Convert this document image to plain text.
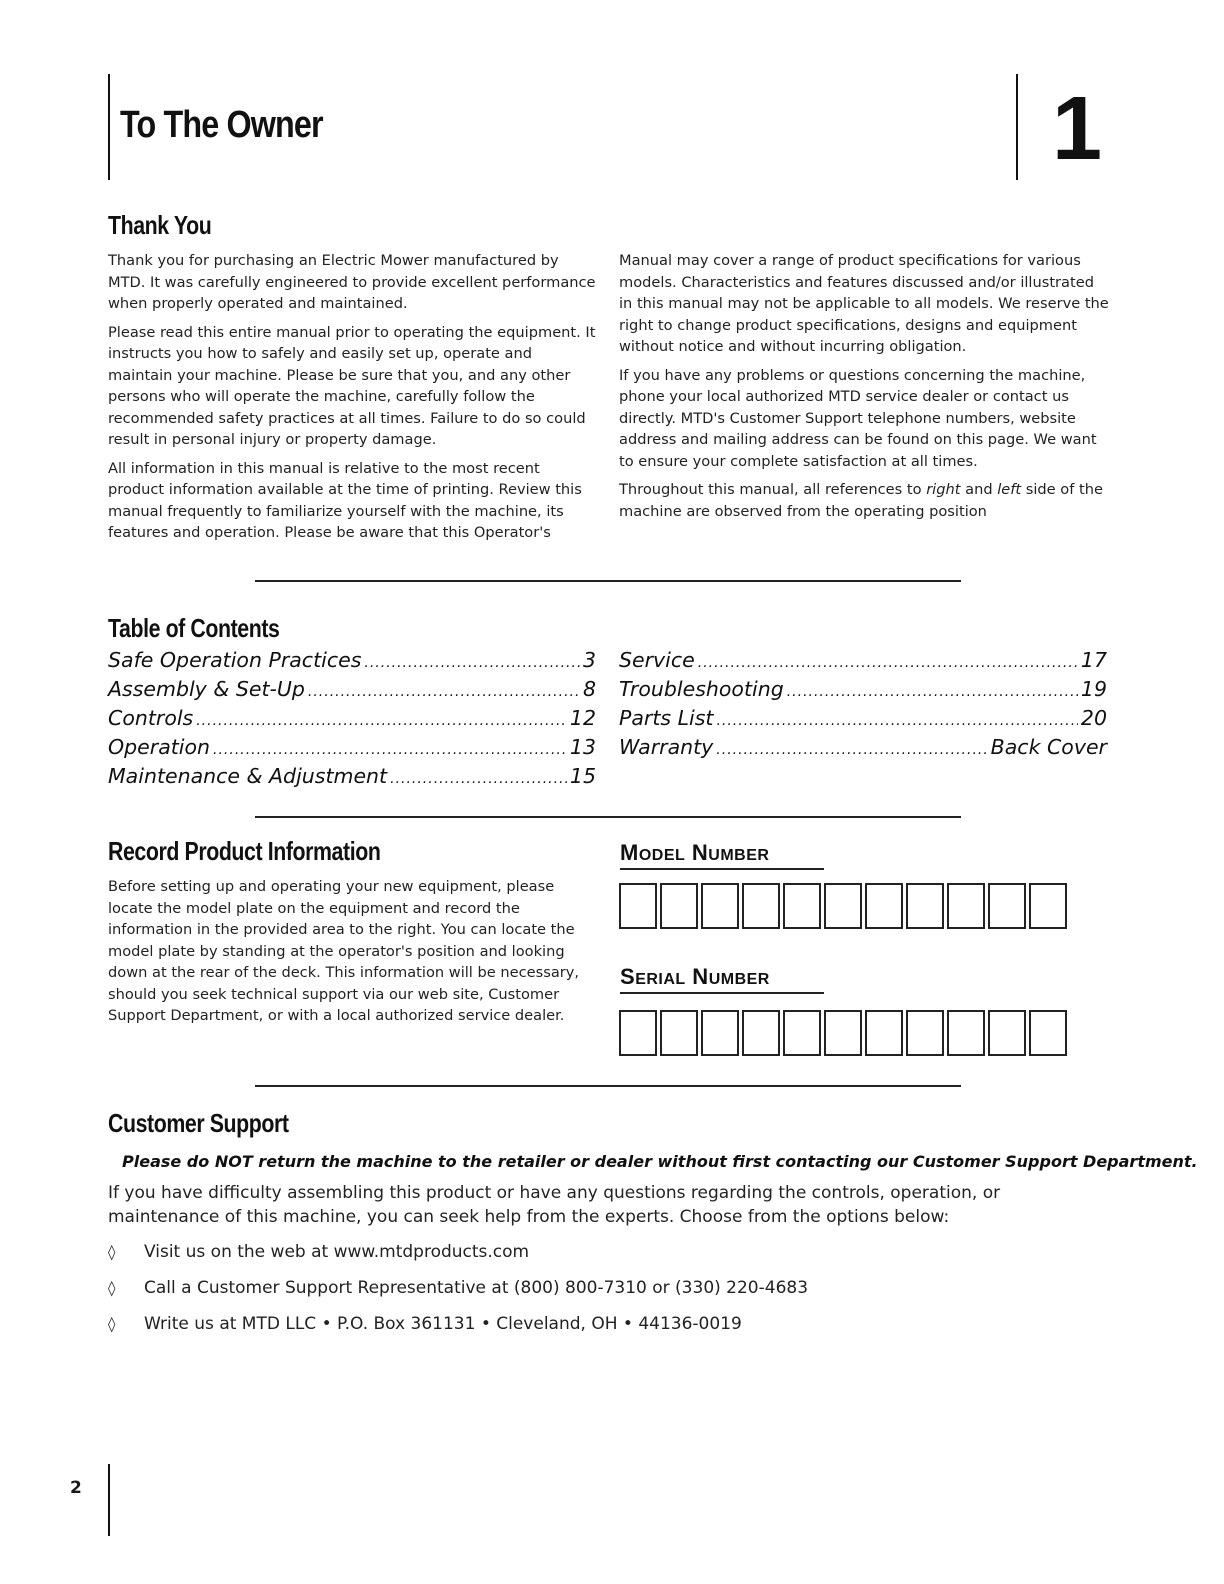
To The Owner	1
Thank You

Thank you for purchasing an Electric Mower manufactured by MTD. It was carefully engineered to provide excellent performance when properly operated and maintained.

Please read this entire manual prior to operating the equipment. It instructs you how to safely and easily set up, operate and maintain your machine. Please be sure that you, and any other persons who will operate the machine, carefully follow the recommended safety practices at all times. Failure to do so could result in personal injury or property damage.

All information in this manual is relative to the most recent product information available at the time of printing. Review this manual frequently to familiarize yourself with the machine, its features and operation. Please be aware that this Operator's

Manual may cover a range of product specifications for various models. Characteristics and features discussed and/or illustrated in this manual may not be applicable to all models. We reserve the right to change product specifications, designs and equipment without notice and without incurring obligation.

If you have any problems or questions concerning the machine, phone your local authorized MTD service dealer or contact us directly. MTD's Customer Support telephone numbers, website address and mailing address can be found on this page. We want to ensure your complete satisfaction at all times.

Throughout this manual, all references to right and left side of the machine are observed from the operating position

Table of Contents
Safe Operation Practices .....	3
Assembly & Set-Up .....	8
Controls .....	12
Operation .....	13
Maintenance & Adjustment .....	15
Service .....	17
Troubleshooting .....	19
Parts List .....	20
Warranty .....	Back Cover
Record Product Information

Before setting up and operating your new equipment, please locate the model plate on the equipment and record the information in the provided area to the right. You can locate the model plate by standing at the operator's position and looking down at the rear of the deck. This information will be necessary, should you seek technical support via our web site, Customer Support Department, or with a local authorized service dealer.

MODEL NUMBER
SERIAL NUMBER
Customer Support
Please do NOT return the machine to the retailer or dealer without first contacting our Customer Support Department.

If you have difficulty assembling this product or have any questions regarding the controls, operation, or maintenance of this machine, you can seek help from the experts. Choose from the options below:

◊	Visit us on the web at www.mtdproducts.com
◊	Call a Customer Support Representative at (800) 800-7310 or (330) 220-4683
◊	Write us at MTD LLC • P.O. Box 361131 • Cleveland, OH • 44136-0019
2
